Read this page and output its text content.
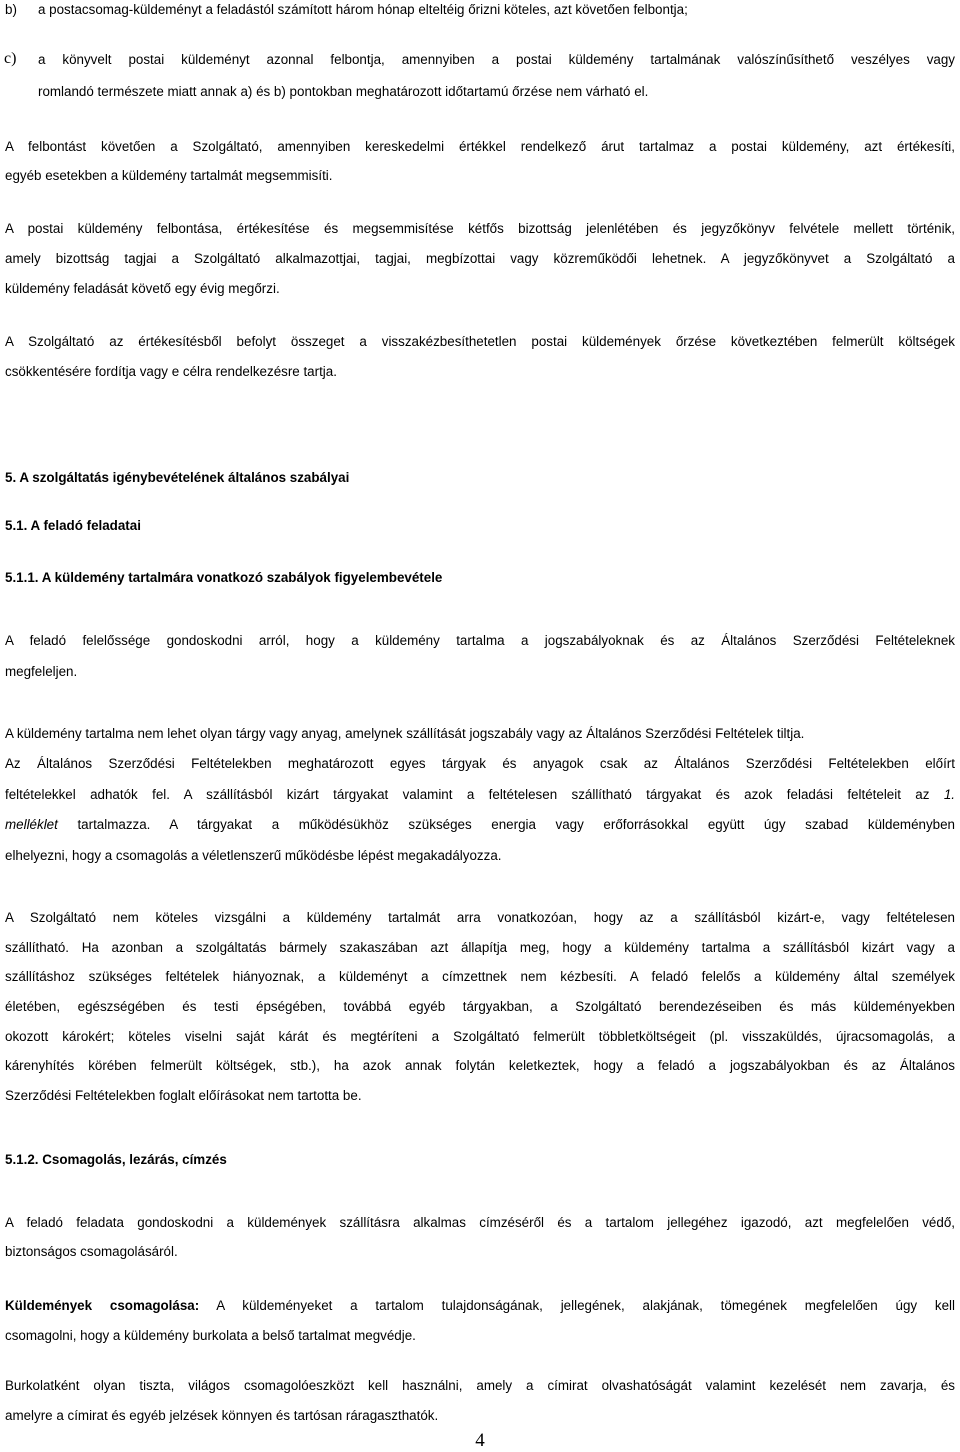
b) a postacsomag-küldeményt a feladástól számított három hónap elteltéig őrizni köteles, azt követően felbontja;
c) a könyvelt postai küldeményt azonnal felbontja, amennyiben a postai küldemény tartalmának valószínűsíthető veszélyes vagy
romlandó természete miatt annak a) és b) pontokban meghatározott időtartamú őrzése nem várható el.
A felbontást követően a Szolgáltató, amennyiben kereskedelmi értékkel rendelkező árut tartalmaz a postai küldemény, azt értékesíti,
egyéb esetekben a küldemény tartalmát megsemmisíti.
A postai küldemény felbontása, értékesítése és megsemmisítése kétfős bizottság jelenlétében és jegyzőkönyv felvétele mellett történik,
amely bizottság tagjai a Szolgáltató alkalmazottjai, tagjai, megbízottai vagy közreműködői lehetnek. A jegyzőkönyvet a Szolgáltató a
küldemény feladását követő egy évig megőrzi.
A Szolgáltató az értékesítésből befolyt összeget a visszakézbesíthetetlen postai küldemények őrzése következtében felmerült költségek
csökkentésére fordítja vagy e célra rendelkezésre tartja.
5. A szolgáltatás igénybevételének általános szabályai
5.1. A feladó feladatai
5.1.1. A küldemény tartalmára vonatkozó szabályok figyelembevétele
A feladó felelőssége gondoskodni arról, hogy a küldemény tartalma a jogszabályoknak és az Általános Szerződési Feltételeknek
megfeleljen.
A küldemény tartalma nem lehet olyan tárgy vagy anyag, amelynek szállítását jogszabály vagy az Általános Szerződési Feltételek tiltja.
Az Általános Szerződési Feltételekben meghatározott egyes tárgyak és anyagok csak az Általános Szerződési Feltételekben előírt
feltételekkel adhatók fel. A szállításból kizárt tárgyakat valamint a feltételesen szállítható tárgyakat és azok feladási feltételeit az 1.
melléklet tartalmazza. A tárgyakat a működésükhöz szükséges energia vagy erőforrásokkal együtt úgy szabad küldeményben
elhelyezni, hogy a csomagolás a véletlenszerű működésbe lépést megakadályozza.
A Szolgáltató nem köteles vizsgálni a küldemény tartalmát arra vonatkozóan, hogy az a szállításból kizárt-e, vagy feltételesen
szállítható. Ha azonban a szolgáltatás bármely szakaszában azt állapítja meg, hogy a küldemény tartalma a szállításból kizárt vagy a
szállításhoz szükséges feltételek hiányoznak, a küldeményt a címzettnek nem kézbesíti. A feladó felelős a küldemény által személyek
életében, egészségében és testi épségében, továbbá egyéb tárgyakban, a Szolgáltató berendezéseiben és más küldeményekben
okozott károkért; köteles viselni saját kárát és megtéríteni a Szolgáltató felmerült többletköltségeit (pl. visszaküldés, újracsomagolás, a
kárenyhítés körében felmerült költségek, stb.), ha azok annak folytán keletkeztek, hogy a feladó a jogszabályokban és az Általános
Szerződési Feltételekben foglalt előírásokat nem tartotta be.
5.1.2. Csomagolás, lezárás, címzés
A feladó feladata gondoskodni a küldemények szállításra alkalmas címzéséről és a tartalom jellegéhez igazodó, azt megfelelően védő,
biztonságos csomagolásáról.
Küldemények csomagolása: A küldeményeket a tartalom tulajdonságának, jellegének, alakjának, tömegének megfelelően úgy kell
csomagolni, hogy a küldemény burkolata a belső tartalmat megvédje.
Burkolatként olyan tiszta, világos csomagolóeszközt kell használni, amely a címirat olvashatóságát valamint kezelését nem zavarja, és
amelyre a címirat és egyéb jelzések könnyen és tartósan ráragaszthatók.
4
